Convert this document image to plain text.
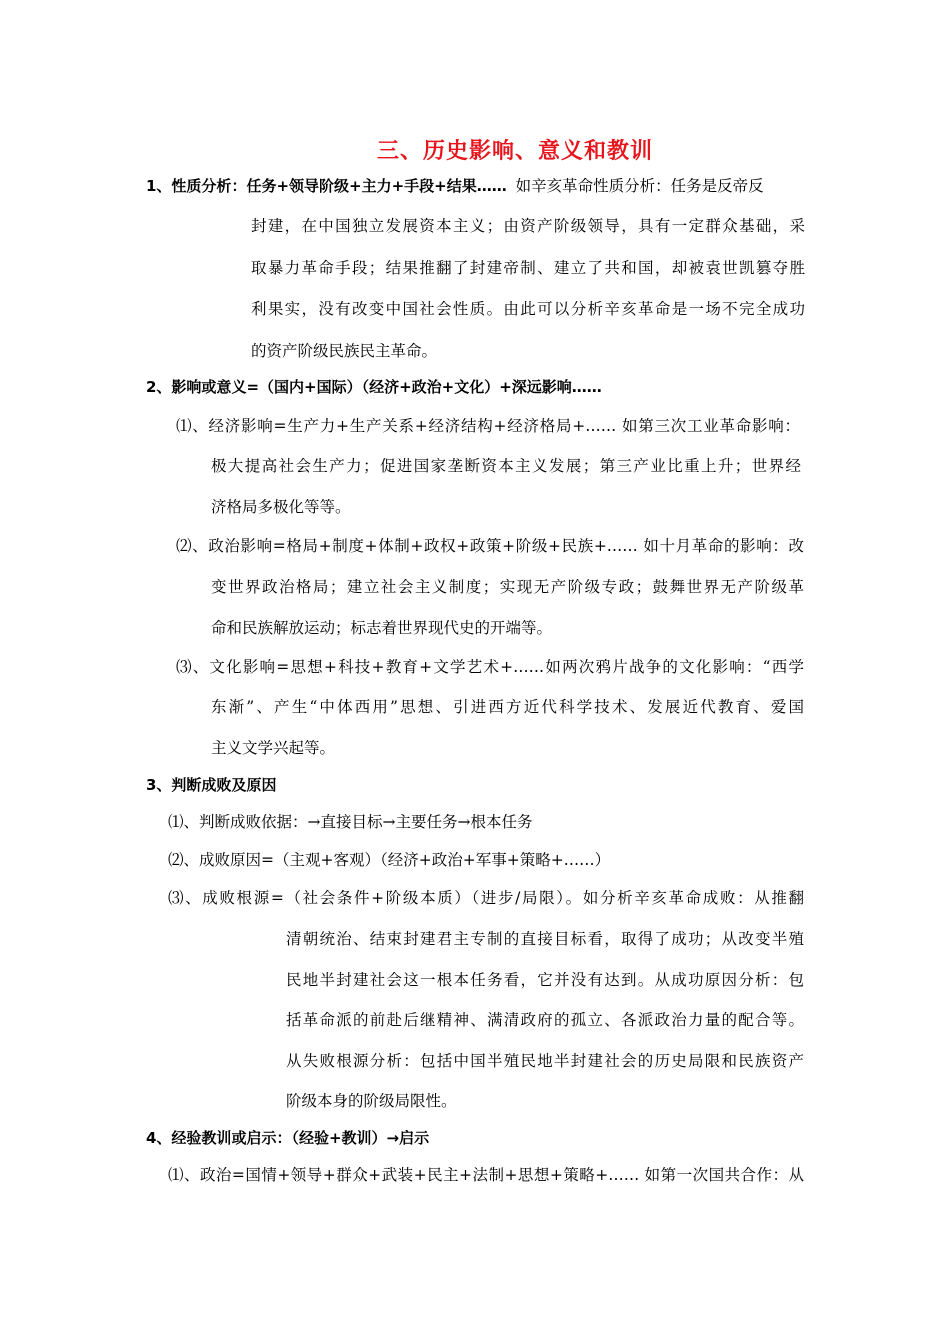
三、历史影响、意义和教训
1、性质分析：任务+领导阶级+主力+手段+结果…… 如辛亥革命性质分析：任务是反帝反
封建，在中国独立发展资本主义；由资产阶级领导，具有一定群众基础，采
取暴力革命手段；结果推翻了封建帝制、建立了共和国，却被袁世凯篡夺胜
利果实，没有改变中国社会性质。由此可以分析辛亥革命是一场不完全成功
的资产阶级民族民主革命。
2、影响或意义=（国内+国际）（经济+政治+文化）+深远影响……
⑴、经济影响=生产力+生产关系+经济结构+经济格局+…… 如第三次工业革命影响：
极大提高社会生产力；促进国家垄断资本主义发展；第三产业比重上升；世界经
济格局多极化等等。
⑵、政治影响=格局+制度+体制+政权+政策+阶级+民族+…… 如十月革命的影响：改
变世界政治格局；建立社会主义制度；实现无产阶级专政；鼓舞世界无产阶级革
命和民族解放运动；标志着世界现代史的开端等。
⑶、文化影响=思想+科技+教育+文学艺术+……如两次鸦片战争的文化影响：“西学
东渐”、产生“中体西用”思想、引进西方近代科学技术、发展近代教育、爱国
主义文学兴起等。
3、判断成败及原因
⑴、判断成败依据：→直接目标→主要任务→根本任务
⑵、成败原因=（主观+客观）（经济+政治+军事+策略+……）
⑶、成败根源=（社会条件+阶级本质）（进步/局限）。如分析辛亥革命成败：从推翻
清朝统治、结束封建君主专制的直接目标看，取得了成功；从改变半殖
民地半封建社会这一根本任务看，它并没有达到。从成功原因分析：包
括革命派的前赴后继精神、满清政府的孤立、各派政治力量的配合等。
从失败根源分析：包括中国半殖民地半封建社会的历史局限和民族资产
阶级本身的阶级局限性。
4、经验教训或启示：（经验+教训）→启示
⑴、政治=国情+领导+群众+武装+民主+法制+思想+策略+…… 如第一次国共合作：从
